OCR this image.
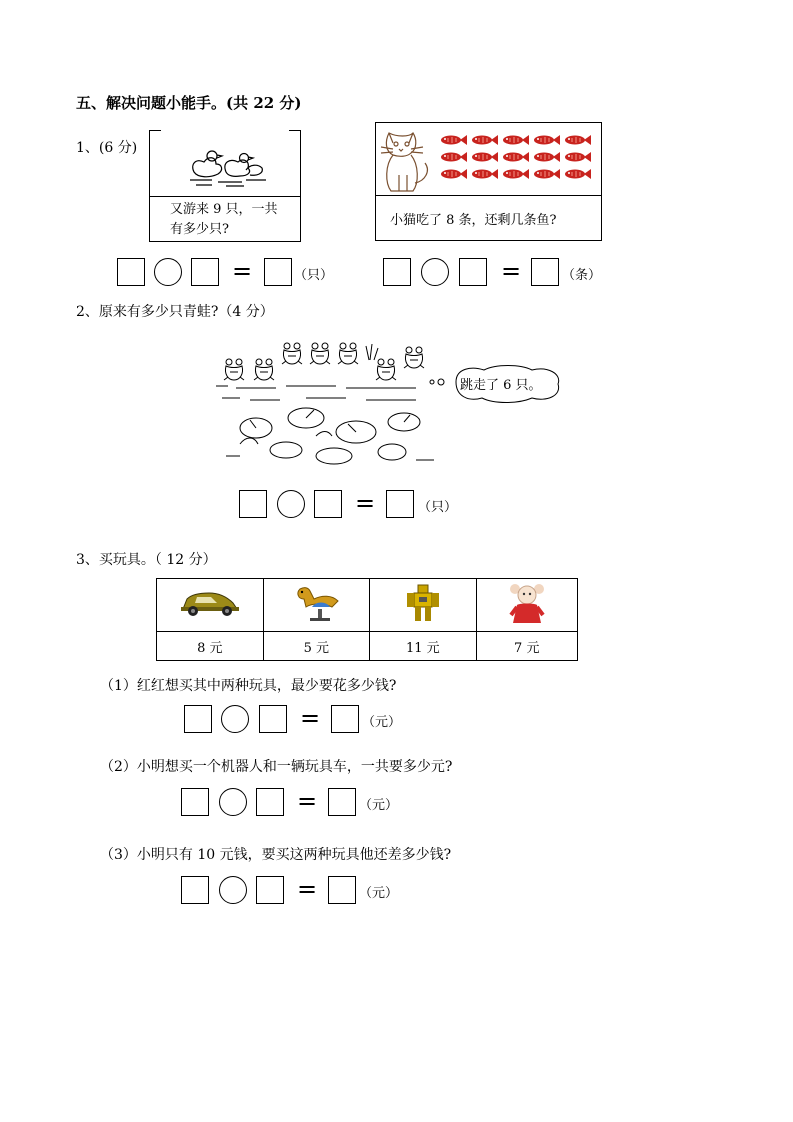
五、解决问题小能手。(共 22 分)
1、(6 分)
又游来 9 只，一共有多少只?
小猫吃了 8 条，还剩几条鱼?
=	（只）	=	（条）
2、原来有多少只青蛙?（4 分）
跳走了 6 只。
=	（只）
3、买玩具。（ 12 分）

8 元	5 元	11 元	7 元
（1）红红想买其中两种玩具，最少要花多少钱?
=	（元）
（2）小明想买一个机器人和一辆玩具车，一共要多少元?
=	（元）
（3）小明只有 10 元钱，要买这两种玩具他还差多少钱?
=	（元）
